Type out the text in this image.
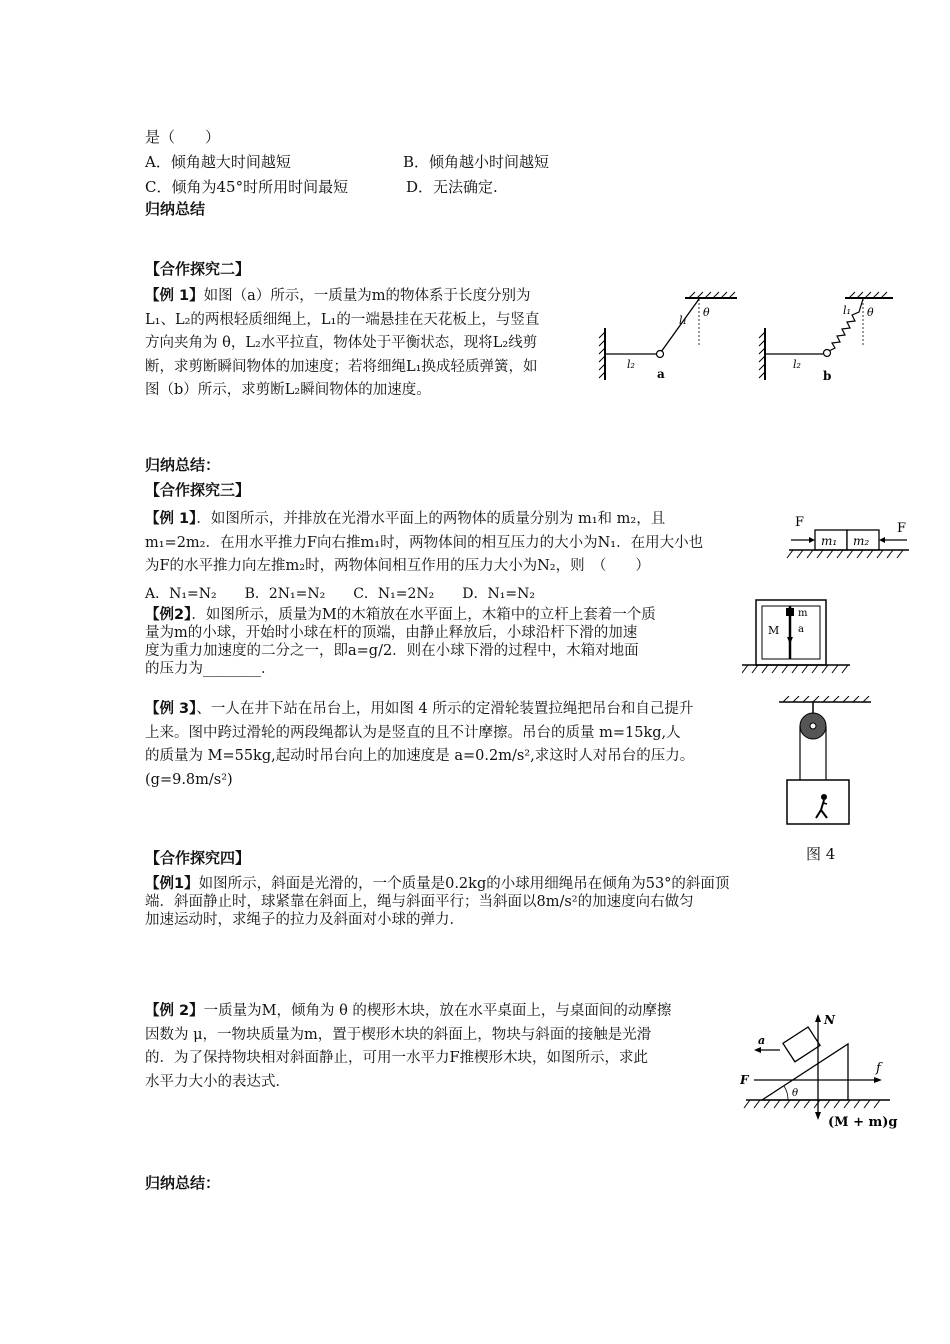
是（　　）
A．倾角越大时间越短	B．倾角越小时间越短
C．倾角为45°时所用时间最短	D．无法确定.
归纳总结
【合作探究二】
【例 1】如图（a）所示，一质量为m的物体系于长度分别为
L₁、L₂的两根轻质细绳上，L₁的一端悬挂在天花板上，与竖直
方向夹角为 θ，L₂水平拉直，物体处于平衡状态，现将L₂线剪
断，求剪断瞬间物体的加速度；若将细绳L₁换成轻质弹簧，如
图（b）所示，求剪断L₂瞬间物体的加速度。
l₁
θ
l₂
a
l₁ θ
l₂
b
归纳总结：
【合作探究三】
【例 1】．如图所示，并排放在光滑水平面上的两物体的质量分别为 m₁和 m₂，且
m₁=2m₂．在用水平推力F向右推m₁时，两物体间的相互压力的大小为N₁．在用大小也
为F的水平推力向左推m₂时，两物体间相互作用的压力大小为N₂，则　（　　）
A．N₁=N₂　　B．2N₁=N₂　　C．N₁=2N₂　　D．N₁=N₂
F	F
m₁ m₂
【例2】．如图所示，质量为M的木箱放在水平面上，木箱中的立杆上套着一个质
量为m的小球，开始时小球在杆的顶端，由静止释放后，小球沿杆下滑的加速
度为重力加速度的二分之一，即a=g/2．则在小球下滑的过程中，木箱对地面
的压力为________．
M
m
a
【例 3】、一人在井下站在吊台上，用如图 4 所示的定滑轮装置拉绳把吊台和自己提升
上来。图中跨过滑轮的两段绳都认为是竖直的且不计摩擦。吊台的质量 m=15kg,人
的质量为 M=55kg,起动时吊台向上的加速度是 a=0.2m/s²,求这时人对吊台的压力。
(g=9.8m/s²)
图 4
【合作探究四】
【例1】如图所示，斜面是光滑的，一个质量是0.2kg的小球用细绳吊在倾角为53°的斜面顶
端．斜面静止时，球紧靠在斜面上，绳与斜面平行；当斜面以8m/s²的加速度向右做匀
加速运动时，求绳子的拉力及斜面对小球的弹力．
【例 2】一质量为M，倾角为 θ 的楔形木块，放在水平桌面上，与桌面间的动摩擦
因数为 μ，一物块质量为m，置于楔形木块的斜面上，物块与斜面的接触是光滑
的．为了保持物块相对斜面静止，可用一水平力F推楔形木块，如图所示，求此
水平力大小的表达式．
N
a
F
f
θ
(M + m)g
归纳总结：
